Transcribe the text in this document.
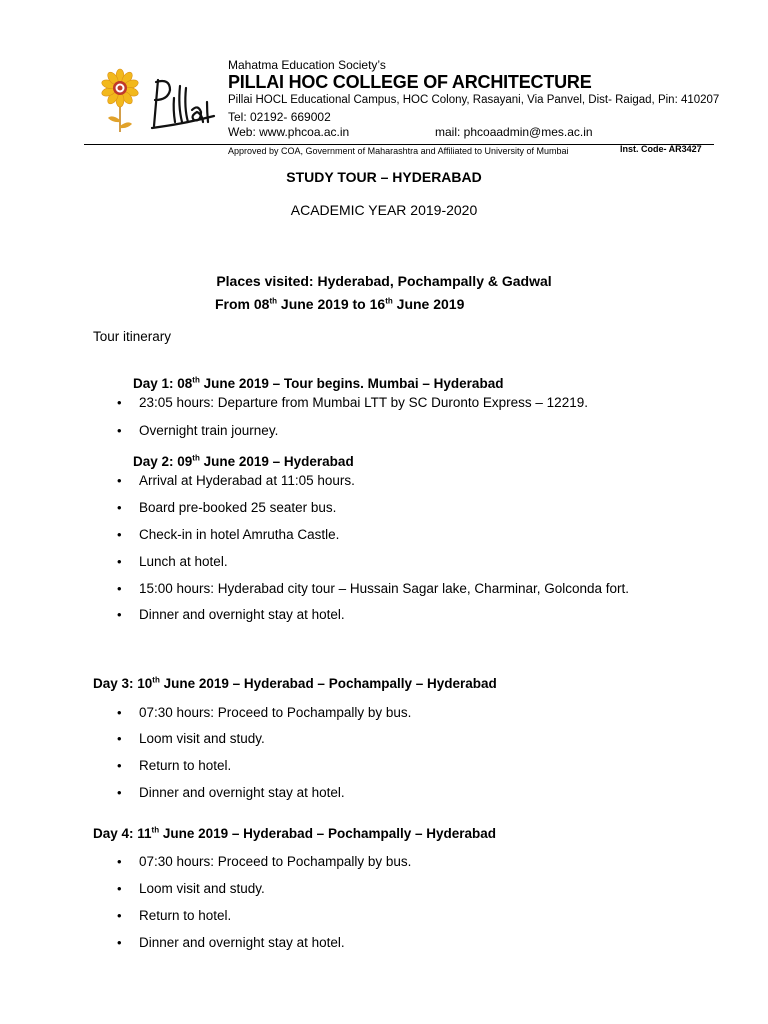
Mahatma Education Society’s
PILLAI HOC COLLEGE OF ARCHITECTURE
Pillai HOCL Educational Campus, HOC Colony, Rasayani, Via Panvel, Dist- Raigad, Pin: 410207
Tel: 02192- 669002
Web: www.phcoa.ac.in	mail: phcoaadmin@mes.ac.in
Approved by COA, Government of Maharashtra and Affiliated to University of Mumbai	Inst. Code- AR3427
STUDY TOUR – HYDERABAD
ACADEMIC YEAR 2019-2020
Places visited: Hyderabad, Pochampally & Gadwal
From 08th June 2019 to 16th June 2019
Tour itinerary
Day 1: 08th June 2019 – Tour begins. Mumbai – Hyderabad
• 23:05 hours: Departure from Mumbai LTT by SC Duronto Express – 12219.
• Overnight train journey.
Day 2: 09th June 2019 – Hyderabad
• Arrival at Hyderabad at 11:05 hours.
• Board pre-booked 25 seater bus.
• Check-in in hotel Amrutha Castle.
• Lunch at hotel.
• 15:00 hours: Hyderabad city tour – Hussain Sagar lake, Charminar, Golconda fort.
• Dinner and overnight stay at hotel.
Day 3: 10th June 2019 – Hyderabad – Pochampally – Hyderabad
• 07:30 hours: Proceed to Pochampally by bus.
• Loom visit and study.
• Return to hotel.
• Dinner and overnight stay at hotel.
Day 4: 11th June 2019 – Hyderabad – Pochampally – Hyderabad
• 07:30 hours: Proceed to Pochampally by bus.
• Loom visit and study.
• Return to hotel.
• Dinner and overnight stay at hotel.
